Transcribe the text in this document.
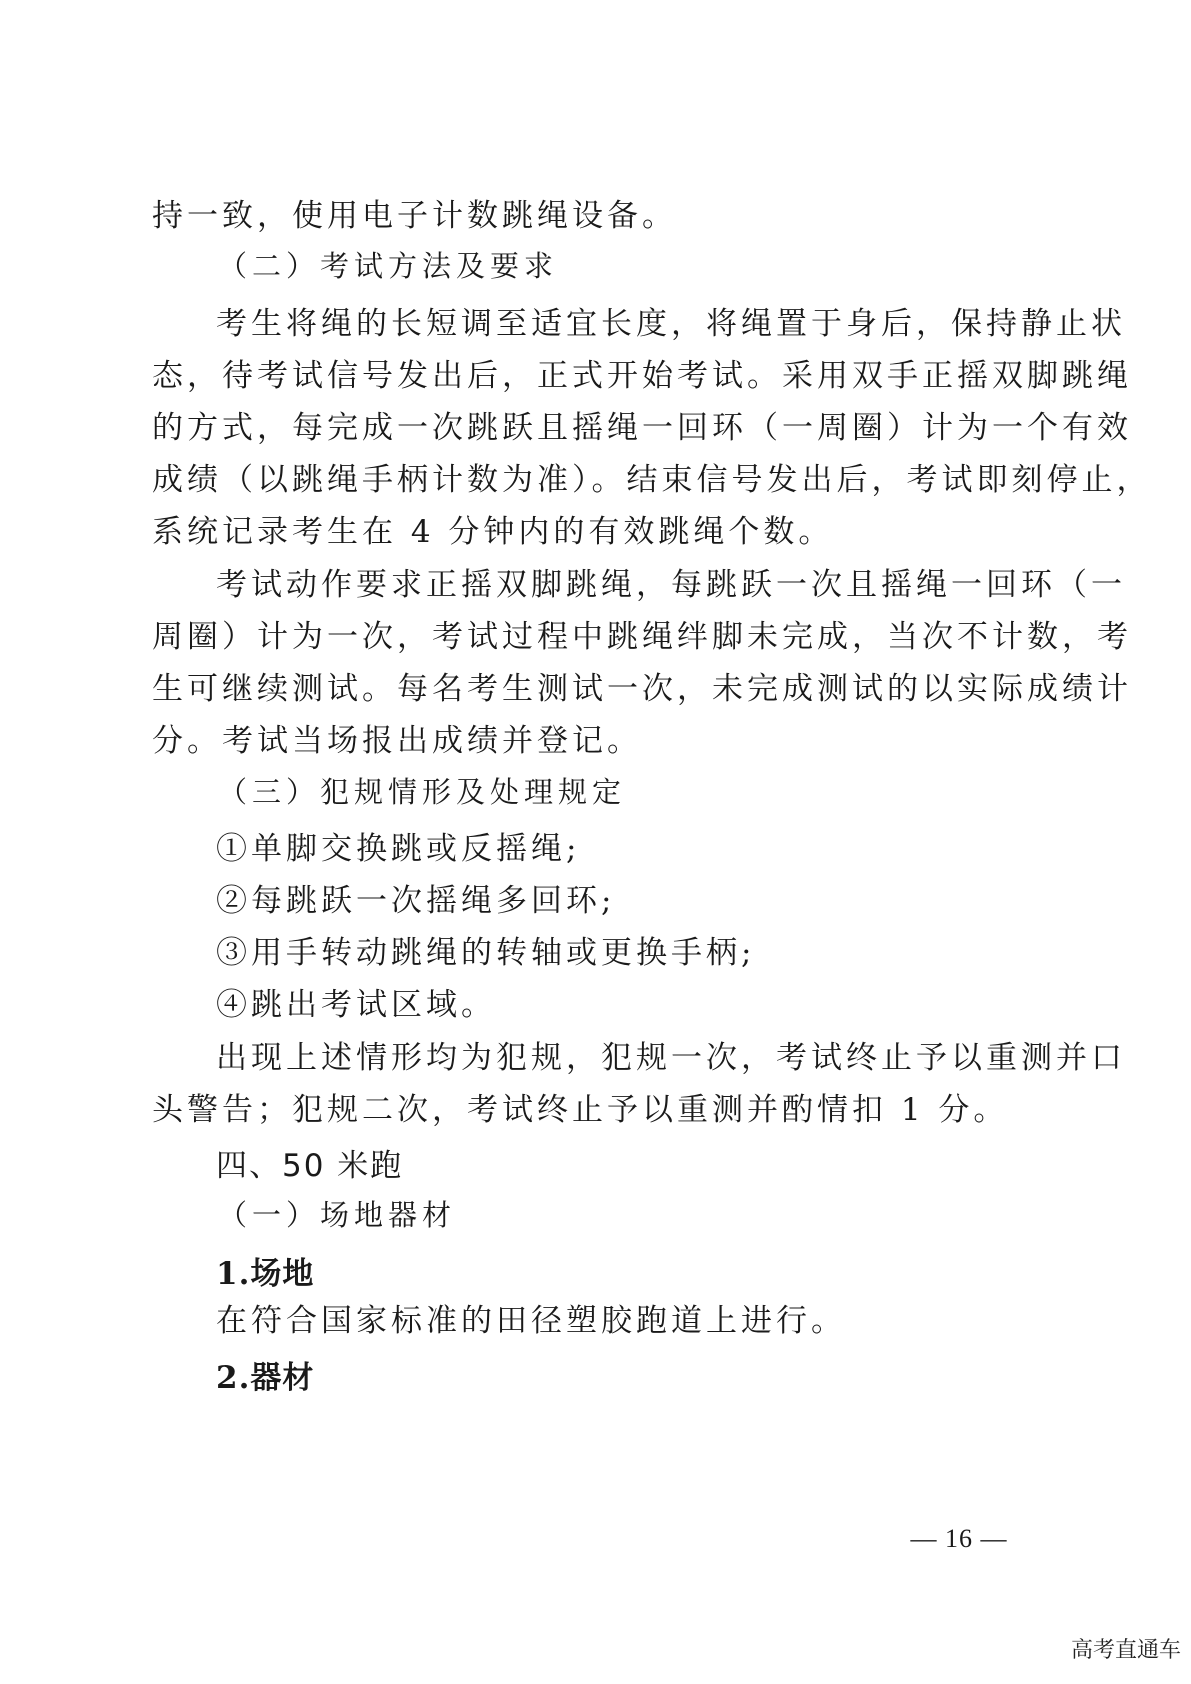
持一致，使用电子计数跳绳设备。
（二）考试方法及要求
考生将绳的长短调至适宜长度，将绳置于身后，保持静止状
态，待考试信号发出后，正式开始考试。采用双手正摇双脚跳绳
的方式，每完成一次跳跃且摇绳一回环（一周圈）计为一个有效
成绩（以跳绳手柄计数为准）。结束信号发出后，考试即刻停止，
系统记录考生在 4 分钟内的有效跳绳个数。
考试动作要求正摇双脚跳绳，每跳跃一次且摇绳一回环（一
周圈）计为一次，考试过程中跳绳绊脚未完成，当次不计数，考
生可继续测试。每名考生测试一次，未完成测试的以实际成绩计
分。考试当场报出成绩并登记。
（三）犯规情形及处理规定
①单脚交换跳或反摇绳;
②每跳跃一次摇绳多回环;
③用手转动跳绳的转轴或更换手柄;
④跳出考试区域。
出现上述情形均为犯规，犯规一次，考试终止予以重测并口
头警告；犯规二次，考试终止予以重测并酌情扣 1 分。
四、50 米跑
（一）场地器材
1.场地
在符合国家标准的田径塑胶跑道上进行。
2.器材
— 16 —
高考直通车
